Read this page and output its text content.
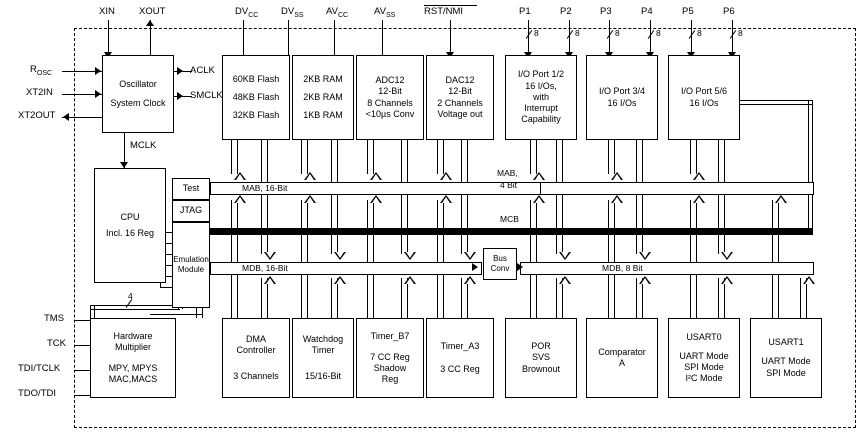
XIN	XOUT	$DV_{CC}$ $DV_{SS}$ $AV_{CC}$	$AV_{SS}$	RST/NMI	P1	P2	P3	P4	P5	P6
8	8	8	8	8	8
$R_{OSC}$
XT2IN
XT2OUT
TMS
TCK
TDI/TCLK
TDO/TDI
4
Oscillator
System Clock
ACLK
SMCLK
MCLK
60KB Flash
48KB Flash
32KB Flash
2KB RAM
2KB RAM
1KB RAM
ADC12
12-Bit
8 Channels
<10µs Conv
DAC12
12-Bit
2 Channels
Voltage out
I/O Port 1/2
16 I/Os,
with
Interrupt
Capability
I/O Port 3/4
16 I/Os
I/O Port 5/6
16 I/Os
CPU
Incl. 16 Reg
Test
JTAG
Emulation
Module
Bus
Conv
Hardware
Multiplier
MPY, MPYS
MAC,MACS
DMA
Controller
3 Channels
Watchdog
Timer
15/16-Bit
Timer_B7
7 CC Reg
Shadow
Reg
Timer_A3
3 CC Reg
POR
SVS
Brownout
Comparator
A
USART0
UART Mode
SPI Mode
I²C Mode
USART1
UART Mode
SPI Mode
MAB, 16-Bit
MAB,
4 Bit
MCB
MDB, 16-Bit	MDB, 8 Bit
